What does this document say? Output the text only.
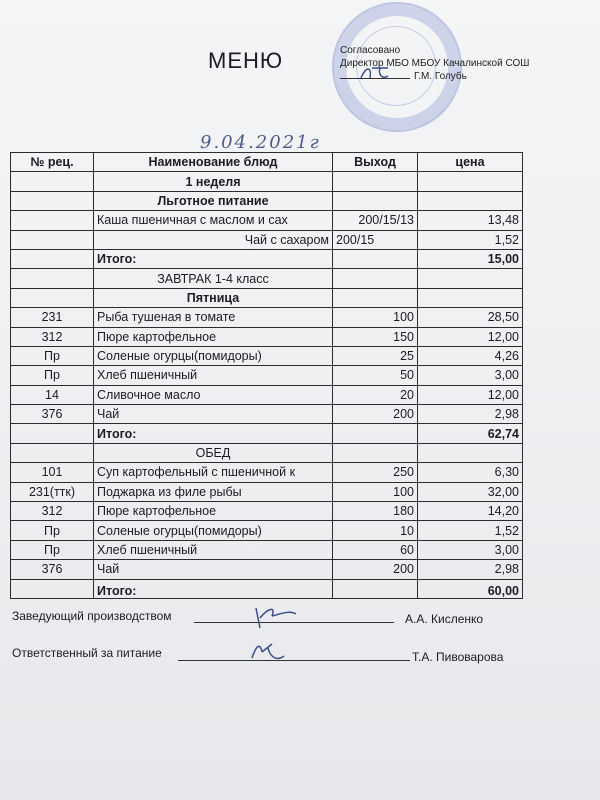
МЕНЮ	Согласовано
Директор МБО МБОУ Качалинской СОШ
Г.М. Голубь
9.04.2021г
№ рец.	Наименование блюд	Выход	цена
	1 неделя		
	Льготное питание		
	Каша пшеничная с маслом и сах	200/15/13	13,48
	Чай с сахаром	200/15	1,52
	Итого:		15,00
	ЗАВТРАК 1-4 класс		
	Пятница		
231	Рыба тушеная в томате	100	28,50
312	Пюре картофельное	150	12,00
Пр	Соленые огурцы(помидоры)	25	4,26
Пр	Хлеб пшеничный	50	3,00
14	Сливочное масло	20	12,00
376	Чай	200	2,98
	Итого:		62,74
	ОБЕД		
101	Суп картофельный с пшеничной к	250	6,30
231(ттк)	Поджарка из филе рыбы	100	32,00
312	Пюре картофельное	180	14,20
Пр	Соленые огурцы(помидоры)	10	1,52
Пр	Хлеб пшеничный	60	3,00
376	Чай	200	2,98
	Итого:		60,00
Заведующий производством	А.А. Кисленко
Ответственный за питание	Т.А. Пивоварова
